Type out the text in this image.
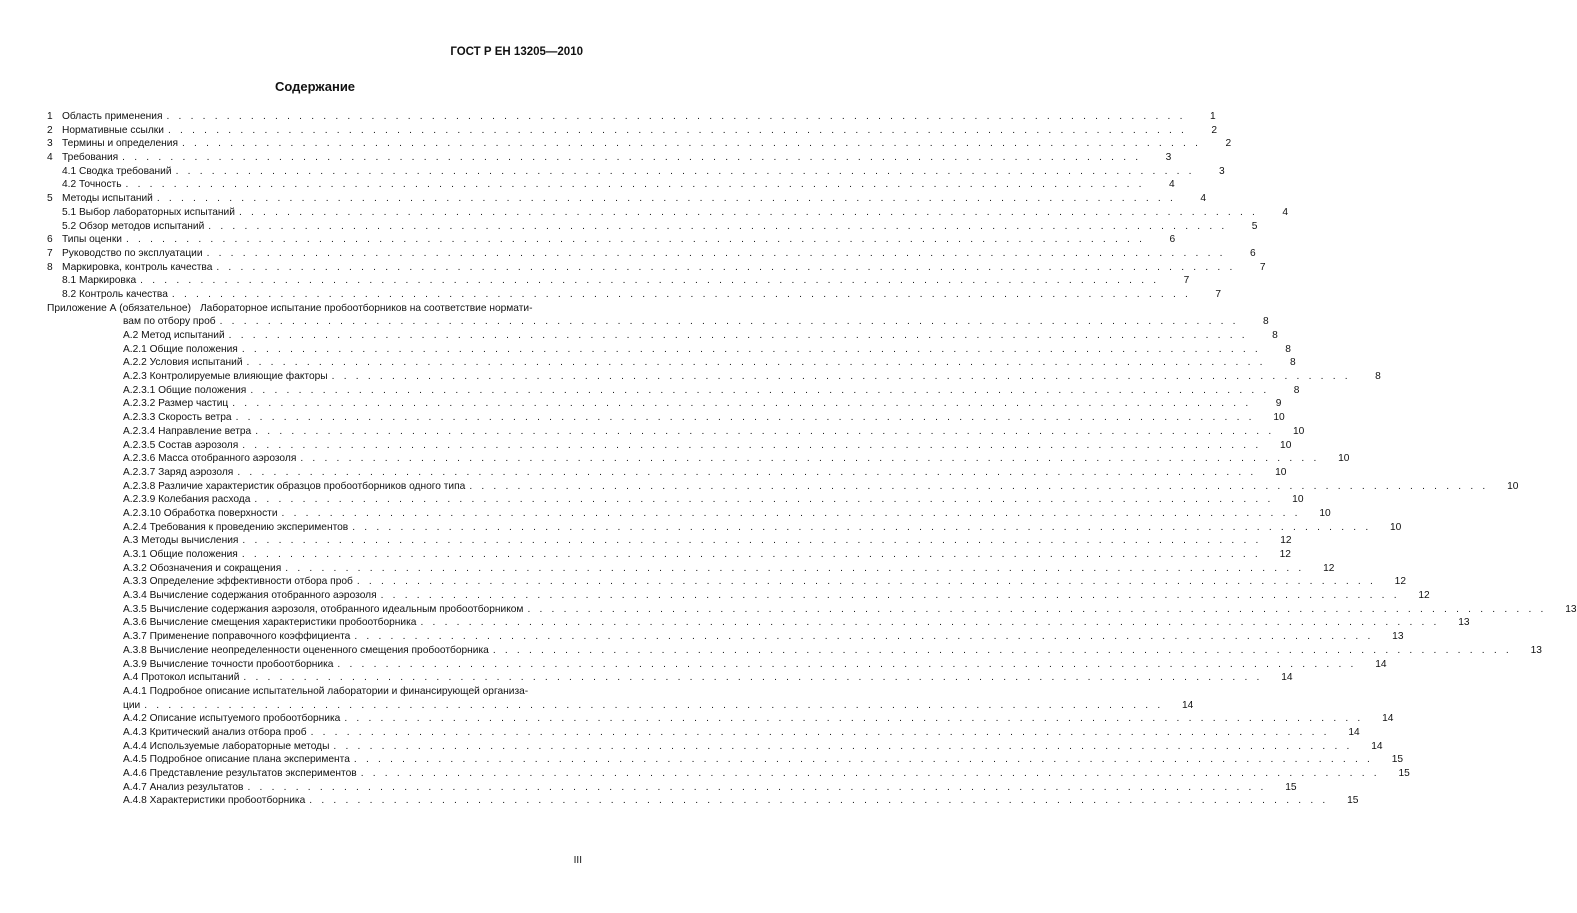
ГОСТ Р ЕН 13205—2010
Содержание
1 Область применения . . . . . . . . . . . . . . . . . . . . . . . . . . . . . . . . . . . . . . . . . . . . . . . . . . . . . . . . . . . . . . . . . . . . . . . . . . . . . . . . . . . . .	1
2 Нормативные ссылки . . . . . . . . . . . . . . . . . . . . . . . . . . . . . . . . . . . . . . . . . . . . . . . . . . . . . . . . . . . . . . . . . . . . . . . . . . . . . . . . . . . . .	2
3 Термины и определения . . . . . . . . . . . . . . . . . . . . . . . . . . . . . . . . . . . . . . . . . . . . . . . . . . . . . . . . . . . . . . . . . . . . . . . . . . . . . . . . . . . . .	2
4 Требования . . . . . . . . . . . . . . . . . . . . . . . . . . . . . . . . . . . . . . . . . . . . . . . . . . . . . . . . . . . . . . . . . . . . . . . . . . . . . . . . . . . . .	3
4.1 Сводка требований . . . . . . . . . . . . . . . . . . . . . . . . . . . . . . . . . . . . . . . . . . . . . . . . . . . . . . . . . . . . . . . . . . . . . . . . . . . . . . . . . . . . .	3
4.2 Точность . . . . . . . . . . . . . . . . . . . . . . . . . . . . . . . . . . . . . . . . . . . . . . . . . . . . . . . . . . . . . . . . . . . . . . . . . . . . . . . . . . . . .	4
5 Методы испытаний . . . . . . . . . . . . . . . . . . . . . . . . . . . . . . . . . . . . . . . . . . . . . . . . . . . . . . . . . . . . . . . . . . . . . . . . . . . . . . . . . . . . .	4
5.1 Выбор лабораторных испытаний . . . . . . . . . . . . . . . . . . . . . . . . . . . . . . . . . . . . . . . . . . . . . . . . . . . . . . . . . . . . . . . . . . . . . . . . . . . . . . . . . . . . .	4
5.2 Обзор методов испытаний . . . . . . . . . . . . . . . . . . . . . . . . . . . . . . . . . . . . . . . . . . . . . . . . . . . . . . . . . . . . . . . . . . . . . . . . . . . . . . . . . . . . .	5
6 Типы оценки . . . . . . . . . . . . . . . . . . . . . . . . . . . . . . . . . . . . . . . . . . . . . . . . . . . . . . . . . . . . . . . . . . . . . . . . . . . . . . . . . . . . .	6
7 Руководство по эксплуатации . . . . . . . . . . . . . . . . . . . . . . . . . . . . . . . . . . . . . . . . . . . . . . . . . . . . . . . . . . . . . . . . . . . . . . . . . . . . . . . . . . . . .	6
8 Маркировка, контроль качества . . . . . . . . . . . . . . . . . . . . . . . . . . . . . . . . . . . . . . . . . . . . . . . . . . . . . . . . . . . . . . . . . . . . . . . . . . . . . . . . . . . . .	7
8.1 Маркировка . . . . . . . . . . . . . . . . . . . . . . . . . . . . . . . . . . . . . . . . . . . . . . . . . . . . . . . . . . . . . . . . . . . . . . . . . . . . . . . . . . . . .	7
8.2 Контроль качества . . . . . . . . . . . . . . . . . . . . . . . . . . . . . . . . . . . . . . . . . . . . . . . . . . . . . . . . . . . . . . . . . . . . . . . . . . . . . . . . . . . . .	7
Приложение А (обязательное) Лабораторное испытание пробоотборников на соответствие нормати-
вам по отбору проб . . . . . . . . . . . . . . . . . . . . . . . . . . . . . . . . . . . . . . . . . . . . . . . . . . . . . . . . . . . . . . . . . . . . . . . . . . . . . . . . . . . . .	8
А.2 Метод испытаний . . . . . . . . . . . . . . . . . . . . . . . . . . . . . . . . . . . . . . . . . . . . . . . . . . . . . . . . . . . . . . . . . . . . . . . . . . . . . . . . . . . . .	8
А.2.1 Общие положения . . . . . . . . . . . . . . . . . . . . . . . . . . . . . . . . . . . . . . . . . . . . . . . . . . . . . . . . . . . . . . . . . . . . . . . . . . . . . . . . . . . . .	8
А.2.2 Условия испытаний . . . . . . . . . . . . . . . . . . . . . . . . . . . . . . . . . . . . . . . . . . . . . . . . . . . . . . . . . . . . . . . . . . . . . . . . . . . . . . . . . . . . .	8
А.2.3 Контролируемые влияющие факторы . . . . . . . . . . . . . . . . . . . . . . . . . . . . . . . . . . . . . . . . . . . . . . . . . . . . . . . . . . . . . . . . . . . . . . . . . . . . . . . . . . . . .	8
А.2.3.1 Общие положения . . . . . . . . . . . . . . . . . . . . . . . . . . . . . . . . . . . . . . . . . . . . . . . . . . . . . . . . . . . . . . . . . . . . . . . . . . . . . . . . . . . . .	8
А.2.3.2 Размер частиц . . . . . . . . . . . . . . . . . . . . . . . . . . . . . . . . . . . . . . . . . . . . . . . . . . . . . . . . . . . . . . . . . . . . . . . . . . . . . . . . . . . . .	9
А.2.3.3 Скорость ветра . . . . . . . . . . . . . . . . . . . . . . . . . . . . . . . . . . . . . . . . . . . . . . . . . . . . . . . . . . . . . . . . . . . . . . . . . . . . . . . . . . . . .	10
А.2.3.4 Направление ветра . . . . . . . . . . . . . . . . . . . . . . . . . . . . . . . . . . . . . . . . . . . . . . . . . . . . . . . . . . . . . . . . . . . . . . . . . . . . . . . . . . . . .	10
А.2.3.5 Состав аэрозоля . . . . . . . . . . . . . . . . . . . . . . . . . . . . . . . . . . . . . . . . . . . . . . . . . . . . . . . . . . . . . . . . . . . . . . . . . . . . . . . . . . . . .	10
А.2.3.6 Масса отобранного аэрозоля . . . . . . . . . . . . . . . . . . . . . . . . . . . . . . . . . . . . . . . . . . . . . . . . . . . . . . . . . . . . . . . . . . . . . . . . . . . . . . . . . . . . .	10
А.2.3.7 Заряд аэрозоля . . . . . . . . . . . . . . . . . . . . . . . . . . . . . . . . . . . . . . . . . . . . . . . . . . . . . . . . . . . . . . . . . . . . . . . . . . . . . . . . . . . . .	10
А.2.3.8 Различие характеристик образцов пробоотборников одного типа . . . . . . . . . . . . . . . . . . . . . . . . . . . . . . . . . . . . . . . . . . . . . . . . . . . . . . . . . . . . . . . . . . . . . . . . . . . . . . . . . . . . .	10
А.2.3.9 Колебания расхода . . . . . . . . . . . . . . . . . . . . . . . . . . . . . . . . . . . . . . . . . . . . . . . . . . . . . . . . . . . . . . . . . . . . . . . . . . . . . . . . . . . . .	10
А.2.3.10 Обработка поверхности . . . . . . . . . . . . . . . . . . . . . . . . . . . . . . . . . . . . . . . . . . . . . . . . . . . . . . . . . . . . . . . . . . . . . . . . . . . . . . . . . . . . .	10
А.2.4 Требования к проведению экспериментов . . . . . . . . . . . . . . . . . . . . . . . . . . . . . . . . . . . . . . . . . . . . . . . . . . . . . . . . . . . . . . . . . . . . . . . . . . . . . . . . . . . . .	10
А.3 Методы вычисления . . . . . . . . . . . . . . . . . . . . . . . . . . . . . . . . . . . . . . . . . . . . . . . . . . . . . . . . . . . . . . . . . . . . . . . . . . . . . . . . . . . . .	12
А.3.1 Общие положения . . . . . . . . . . . . . . . . . . . . . . . . . . . . . . . . . . . . . . . . . . . . . . . . . . . . . . . . . . . . . . . . . . . . . . . . . . . . . . . . . . . . .	12
А.3.2 Обозначения и сокращения . . . . . . . . . . . . . . . . . . . . . . . . . . . . . . . . . . . . . . . . . . . . . . . . . . . . . . . . . . . . . . . . . . . . . . . . . . . . . . . . . . . . .	12
А.3.3 Определение эффективности отбора проб . . . . . . . . . . . . . . . . . . . . . . . . . . . . . . . . . . . . . . . . . . . . . . . . . . . . . . . . . . . . . . . . . . . . . . . . . . . . . . . . . . . . .	12
А.3.4 Вычисление содержания отобранного аэрозоля . . . . . . . . . . . . . . . . . . . . . . . . . . . . . . . . . . . . . . . . . . . . . . . . . . . . . . . . . . . . . . . . . . . . . . . . . . . . . . . . . . . . .	12
А.3.5 Вычисление содержания аэрозоля, отобранного идеальным пробоотборником . . . . . . . . . . . . . . . . . . . . . . . . . . . . . . . . . . . . . . . . . . . . . . . . . . . . . . . . . . . . . . . . . . . . . . . . . . . . . . . . . . . . .	13
А.3.6 Вычисление смещения характеристики пробоотборника . . . . . . . . . . . . . . . . . . . . . . . . . . . . . . . . . . . . . . . . . . . . . . . . . . . . . . . . . . . . . . . . . . . . . . . . . . . . . . . . . . . . .	13
А.3.7 Применение поправочного коэффициента . . . . . . . . . . . . . . . . . . . . . . . . . . . . . . . . . . . . . . . . . . . . . . . . . . . . . . . . . . . . . . . . . . . . . . . . . . . . . . . . . . . . .	13
А.3.8 Вычисление неопределенности оцененного смещения пробоотборника . . . . . . . . . . . . . . . . . . . . . . . . . . . . . . . . . . . . . . . . . . . . . . . . . . . . . . . . . . . . . . . . . . . . . . . . . . . . . . . . . . . . .	13
А.3.9 Вычисление точности пробоотборника . . . . . . . . . . . . . . . . . . . . . . . . . . . . . . . . . . . . . . . . . . . . . . . . . . . . . . . . . . . . . . . . . . . . . . . . . . . . . . . . . . . . .	14
А.4 Протокол испытаний . . . . . . . . . . . . . . . . . . . . . . . . . . . . . . . . . . . . . . . . . . . . . . . . . . . . . . . . . . . . . . . . . . . . . . . . . . . . . . . . . . . . .	14
А.4.1 Подробное описание испытательной лаборатории и финансирующей организа-
ции . . . . . . . . . . . . . . . . . . . . . . . . . . . . . . . . . . . . . . . . . . . . . . . . . . . . . . . . . . . . . . . . . . . . . . . . . . . . . . . . . . . . .	14
А.4.2 Описание испытуемого пробоотборника . . . . . . . . . . . . . . . . . . . . . . . . . . . . . . . . . . . . . . . . . . . . . . . . . . . . . . . . . . . . . . . . . . . . . . . . . . . . . . . . . . . . .	14
А.4.3 Критический анализ отбора проб . . . . . . . . . . . . . . . . . . . . . . . . . . . . . . . . . . . . . . . . . . . . . . . . . . . . . . . . . . . . . . . . . . . . . . . . . . . . . . . . . . . . .	14
А.4.4 Используемые лабораторные методы . . . . . . . . . . . . . . . . . . . . . . . . . . . . . . . . . . . . . . . . . . . . . . . . . . . . . . . . . . . . . . . . . . . . . . . . . . . . . . . . . . . . .	14
А.4.5 Подробное описание плана эксперимента . . . . . . . . . . . . . . . . . . . . . . . . . . . . . . . . . . . . . . . . . . . . . . . . . . . . . . . . . . . . . . . . . . . . . . . . . . . . . . . . . . . . .	15
А.4.6 Представление результатов экспериментов . . . . . . . . . . . . . . . . . . . . . . . . . . . . . . . . . . . . . . . . . . . . . . . . . . . . . . . . . . . . . . . . . . . . . . . . . . . . . . . . . . . . .	15
А.4.7 Анализ результатов . . . . . . . . . . . . . . . . . . . . . . . . . . . . . . . . . . . . . . . . . . . . . . . . . . . . . . . . . . . . . . . . . . . . . . . . . . . . . . . . . . . . .	15
А.4.8 Характеристики пробоотборника . . . . . . . . . . . . . . . . . . . . . . . . . . . . . . . . . . . . . . . . . . . . . . . . . . . . . . . . . . . . . . . . . . . . . . . . . . . . . . . . . . . . .	15
III
